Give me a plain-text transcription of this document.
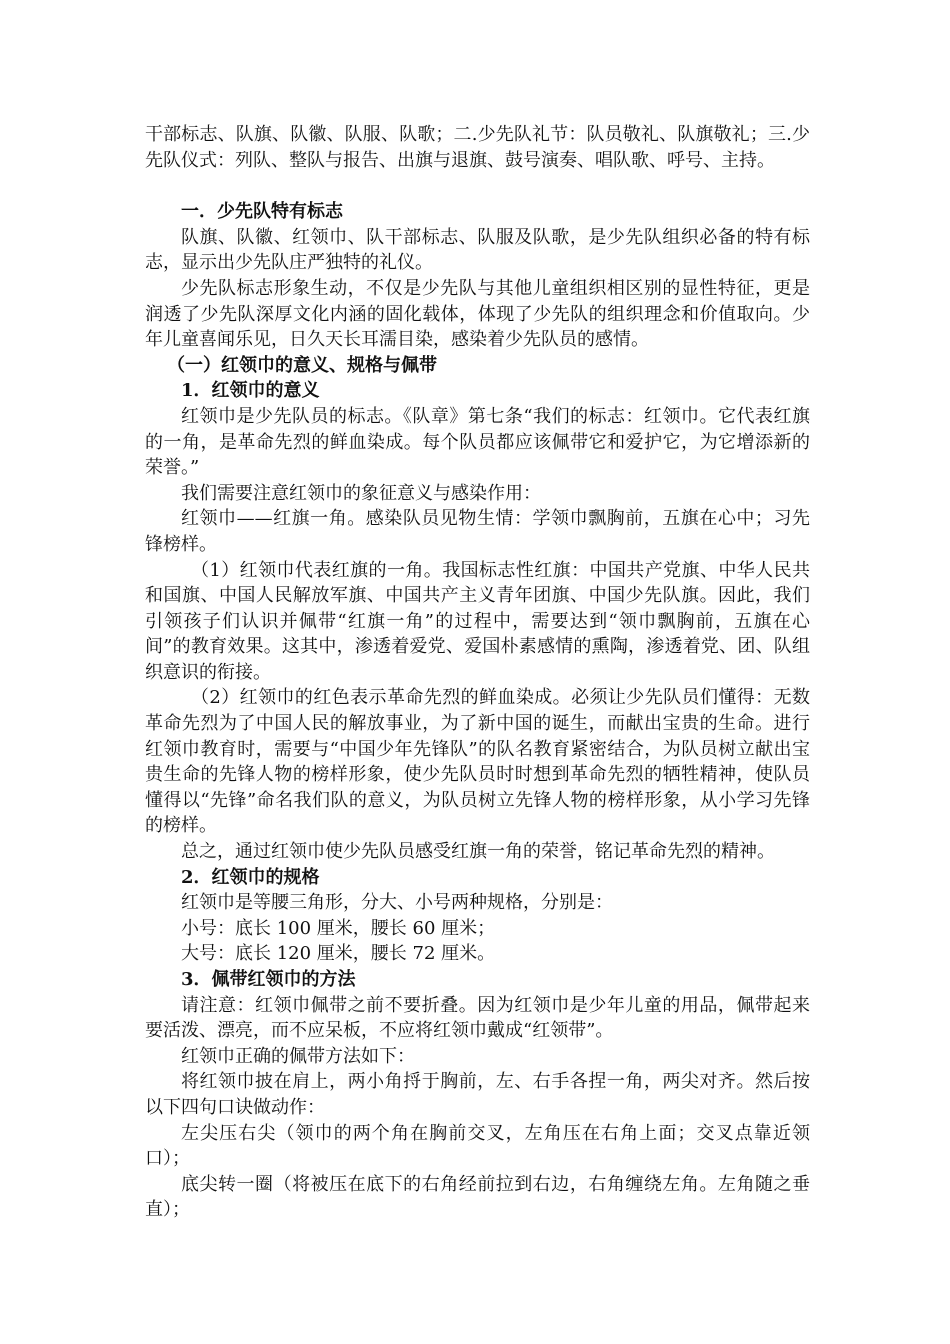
干部标志、队旗、队徽、队服、队歌；二.少先队礼节：队员敬礼、队旗敬礼；三.少先队仪式：列队、整队与报告、出旗与退旗、鼓号演奏、唱队歌、呼号、主持。

一．少先队特有标志

队旗、队徽、红领巾、队干部标志、队服及队歌，是少先队组织必备的特有标志，显示出少先队庄严独特的礼仪。

少先队标志形象生动，不仅是少先队与其他儿童组织相区别的显性特征，更是润透了少先队深厚文化内涵的固化载体，体现了少先队的组织理念和价值取向。少年儿童喜闻乐见，日久天长耳濡目染，感染着少先队员的感情。

（一）红领巾的意义、规格与佩带

1．红领巾的意义

红领巾是少先队员的标志。《队章》第七条“我们的标志：红领巾。它代表红旗的一角，是革命先烈的鲜血染成。每个队员都应该佩带它和爱护它，为它增添新的荣誉。”

我们需要注意红领巾的象征意义与感染作用：

红领巾——红旗一角。感染队员见物生情：学领巾飘胸前，五旗在心中；习先锋榜样。

（1）红领巾代表红旗的一角。我国标志性红旗：中国共产党旗、中华人民共和国旗、中国人民解放军旗、中国共产主义青年团旗、中国少先队旗。因此，我们引领孩子们认识并佩带“红旗一角”的过程中，需要达到“领巾飘胸前，五旗在心间”的教育效果。这其中，渗透着爱党、爱国朴素感情的熏陶，渗透着党、团、队组织意识的衔接。

（2）红领巾的红色表示革命先烈的鲜血染成。必须让少先队员们懂得：无数革命先烈为了中国人民的解放事业，为了新中国的诞生，而献出宝贵的生命。进行红领巾教育时，需要与“中国少年先锋队”的队名教育紧密结合，为队员树立献出宝贵生命的先锋人物的榜样形象，使少先队员时时想到革命先烈的牺牲精神，使队员懂得以“先锋”命名我们队的意义，为队员树立先锋人物的榜样形象，从小学习先锋的榜样。

总之，通过红领巾使少先队员感受红旗一角的荣誉，铭记革命先烈的精神。

2．红领巾的规格

红领巾是等腰三角形，分大、小号两种规格，分别是：

小号：底长 100 厘米，腰长 60 厘米；

大号：底长 120 厘米，腰长 72 厘米。

3．佩带红领巾的方法

请注意：红领巾佩带之前不要折叠。因为红领巾是少年儿童的用品，佩带起来要活泼、漂亮，而不应呆板，不应将红领巾戴成“红领带”。

红领巾正确的佩带方法如下：

将红领巾披在肩上，两小角捋于胸前，左、右手各捏一角，两尖对齐。然后按以下四句口诀做动作：

左尖压右尖（领巾的两个角在胸前交叉，左角压在右角上面；交叉点靠近领口）；

底尖转一圈（将被压在底下的右角经前拉到右边，右角缠绕左角。左角随之垂直）；
